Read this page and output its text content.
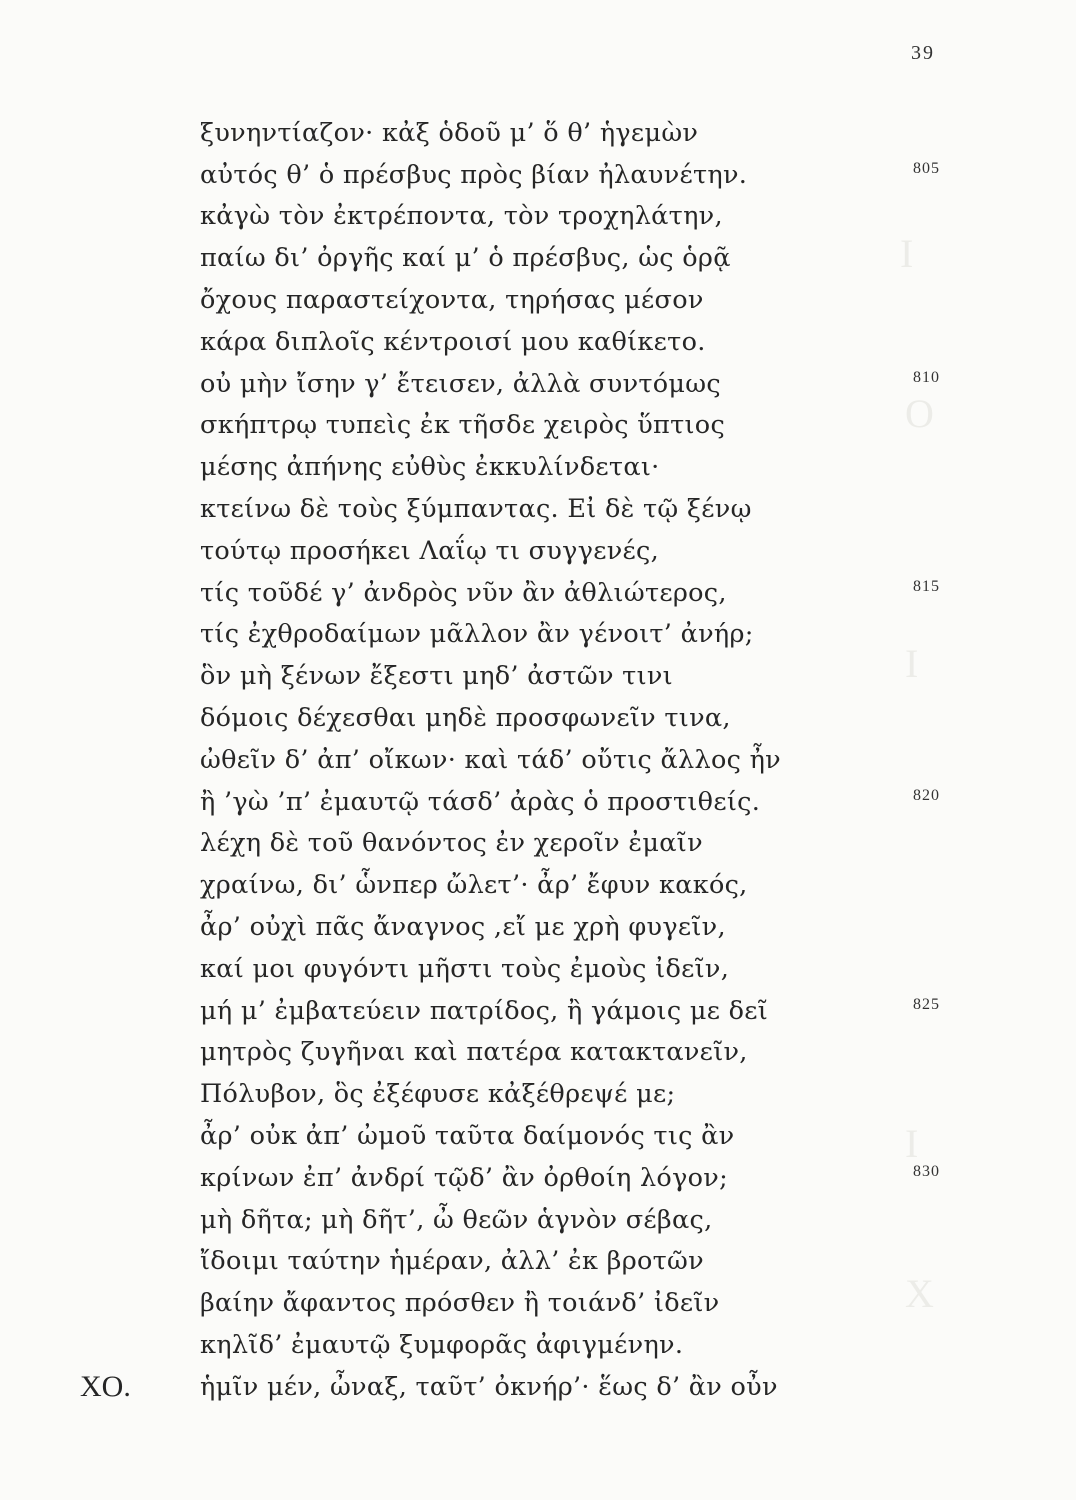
Ι
Ο
Ι
Ι
Χ
39
ξυνηντίαζον· κἀξ ὁδοῦ μ’ ὅ θ’ ἡγεμὼν
αὐτός θ’ ὁ πρέσβυς πρὸς βίαν ἠλαυνέτην.	805
κἀγὼ τὸν ἐκτρέποντα, τὸν τροχηλάτην,
παίω δι’ ὀργῆς καί μ’ ὁ πρέσβυς, ὡς ὁρᾷ
ὄχους παραστείχοντα, τηρήσας μέσον
κάρα διπλοῖς κέντροισί μου καθίκετο.
οὐ μὴν ἴσην γ’ ἔτεισεν, ἀλλὰ συντόμως	810
σκήπτρῳ τυπεὶς ἐκ τῆσδε χειρὸς ὕπτιος
μέσης ἀπήνης εὐθὺς ἐκκυλίνδεται·
κτείνω δὲ τοὺς ξύμπαντας. Εἰ δὲ τῷ ξένῳ
τούτῳ προσήκει Λαΐῳ τι συγγενές,
τίς τοῦδέ γ’ ἀνδρὸς νῦν ἂν ἀθλιώτερος,	815
τίς ἐχθροδαίμων μᾶλλον ἂν γένοιτ’ ἀνήρ;
ὃν μὴ ξένων ἔξεστι μηδ’ ἀστῶν τινι
δόμοις δέχεσθαι μηδὲ προσφωνεῖν τινα,
ὠθεῖν δ’ ἀπ’ οἴκων· καὶ τάδ’ οὔτις ἄλλος ἦν
ἢ ’γὼ ’π’ ἐμαυτῷ τάσδ’ ἀρὰς ὁ προστιθείς.	820
λέχη δὲ τοῦ θανόντος ἐν χεροῖν ἐμαῖν
χραίνω, δι’ ὧνπερ ὤλετ’· ἆρ’ ἔφυν κακός,
ἆρ’ οὐχὶ πᾶς ἄναγνος ,εἴ με χρὴ φυγεῖν,
καί μοι φυγόντι μῆστι τοὺς ἐμοὺς ἰδεῖν,
μή μ’ ἐμβατεύειν πατρίδος, ἢ γάμοις με δεῖ	825
μητρὸς ζυγῆναι καὶ πατέρα κατακτανεῖν,
Πόλυβον, ὃς ἐξέφυσε κἀξέθρεψέ με;
ἆρ’ οὐκ ἀπ’ ὠμοῦ ταῦτα δαίμονός τις ἂν
κρίνων ἐπ’ ἀνδρί τῷδ’ ἂν ὀρθοίη λόγον;	830
μὴ δῆτα; μὴ δῆτ’, ὦ θεῶν ἁγνὸν σέβας,
ἴδοιμι ταύτην ἡμέραν, ἀλλ’ ἐκ βροτῶν
βαίην ἄφαντος πρόσθεν ἢ τοιάνδ’ ἰδεῖν
κηλῖδ’ ἐμαυτῷ ξυμφορᾶς ἀφιγμένην.
ΧΟ.	ἡμῖν μέν, ὦναξ, ταῦτ’ ὀκνήρ’· ἕως δ’ ἂν οὖν
